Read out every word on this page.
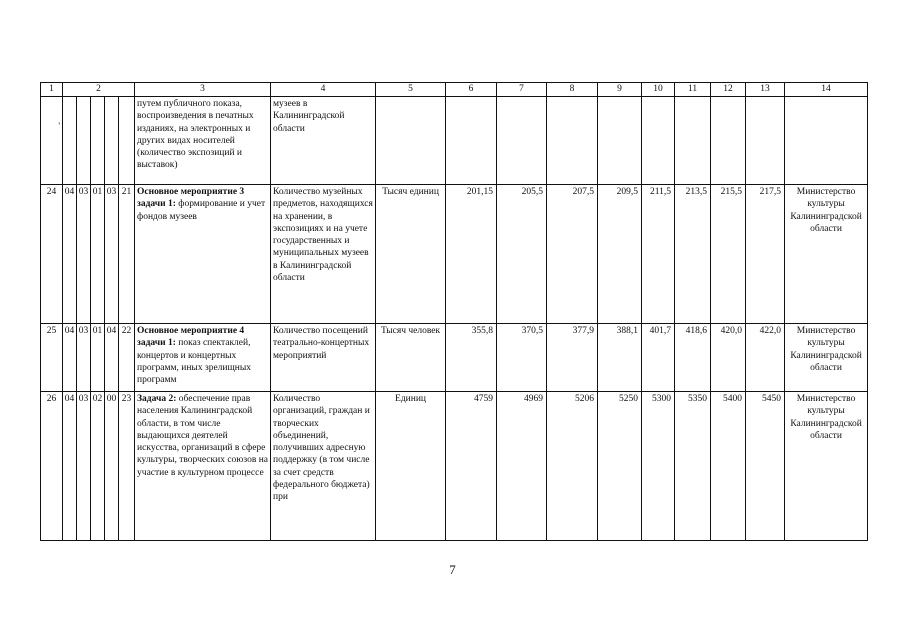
1	2					3	4	5	6	7	8	9	10	11	12	13	14

'						путем публичного показа, воспроизведения в печатных изданиях, на электронных и других видах носителей (количество экспозиций и выставок)	музеев в Калининградской области										
24	04	03	01	03	21	Основное мероприятие 3 задачи 1: формирование и учет фондов музеев	Количество музейных предметов, находящихся на хранении, в экспозициях и на учете государственных и муниципальных музеев в Калининградской области	Тысяч единиц	201,15	205,5	207,5	209,5	211,5	213,5	215,5	217,5	Министерство культуры Калининградской области
25	04	03	01	04	22	Основное мероприятие 4 задачи 1: показ спектаклей, концертов и концертных программ, иных зрелищных программ	Количество посещений театрально-концертных мероприятий	Тысяч человек	355,8	370,5	377,9	388,1	401,7	418,6	420,0	422,0	Министерство культуры Калининградской области
26	04	03	02	00	23	Задача 2: обеспечение прав населения Калининградской области, в том числе выдающихся деятелей искусства, организаций в сфере культуры, творческих союзов на участие в культурном процессе	Количество организаций, граждан и творческих объединений, получивших адресную поддержку (в том числе за счет средств федерального бюджета) при	Единиц	4759	4969	5206	5250	5300	5350	5400	5450	Министерство культуры Калининградской области
7
